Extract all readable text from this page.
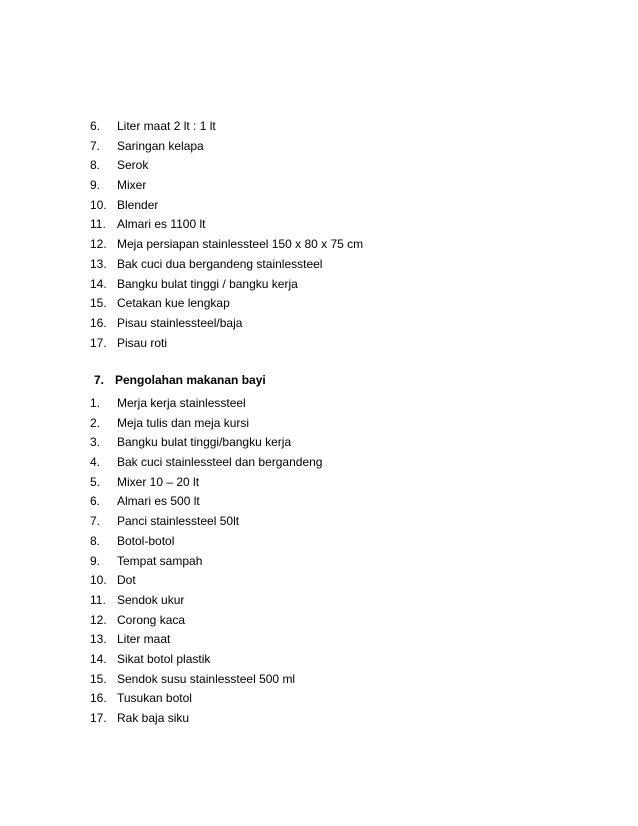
6. Liter maat 2 lt : 1 lt
7. Saringan kelapa
8. Serok
9. Mixer
10. Blender
11. Almari es 1100 lt
12. Meja persiapan stainlessteel 150 x 80 x 75 cm
13. Bak cuci dua bergandeng stainlessteel
14. Bangku bulat tinggi / bangku kerja
15. Cetakan kue lengkap
16. Pisau stainlessteel/baja
17. Pisau roti
7. Pengolahan makanan bayi
1. Merja kerja stainlessteel
2. Meja tulis dan meja kursi
3. Bangku bulat tinggi/bangku kerja
4. Bak cuci stainlessteel dan bergandeng
5. Mixer 10 – 20 lt
6. Almari es 500 lt
7. Panci stainlessteel 50lt
8. Botol-botol
9. Tempat sampah
10. Dot
11. Sendok ukur
12. Corong kaca
13. Liter maat
14. Sikat botol plastik
15. Sendok susu stainlessteel 500 ml
16. Tusukan botol
17. Rak baja siku
